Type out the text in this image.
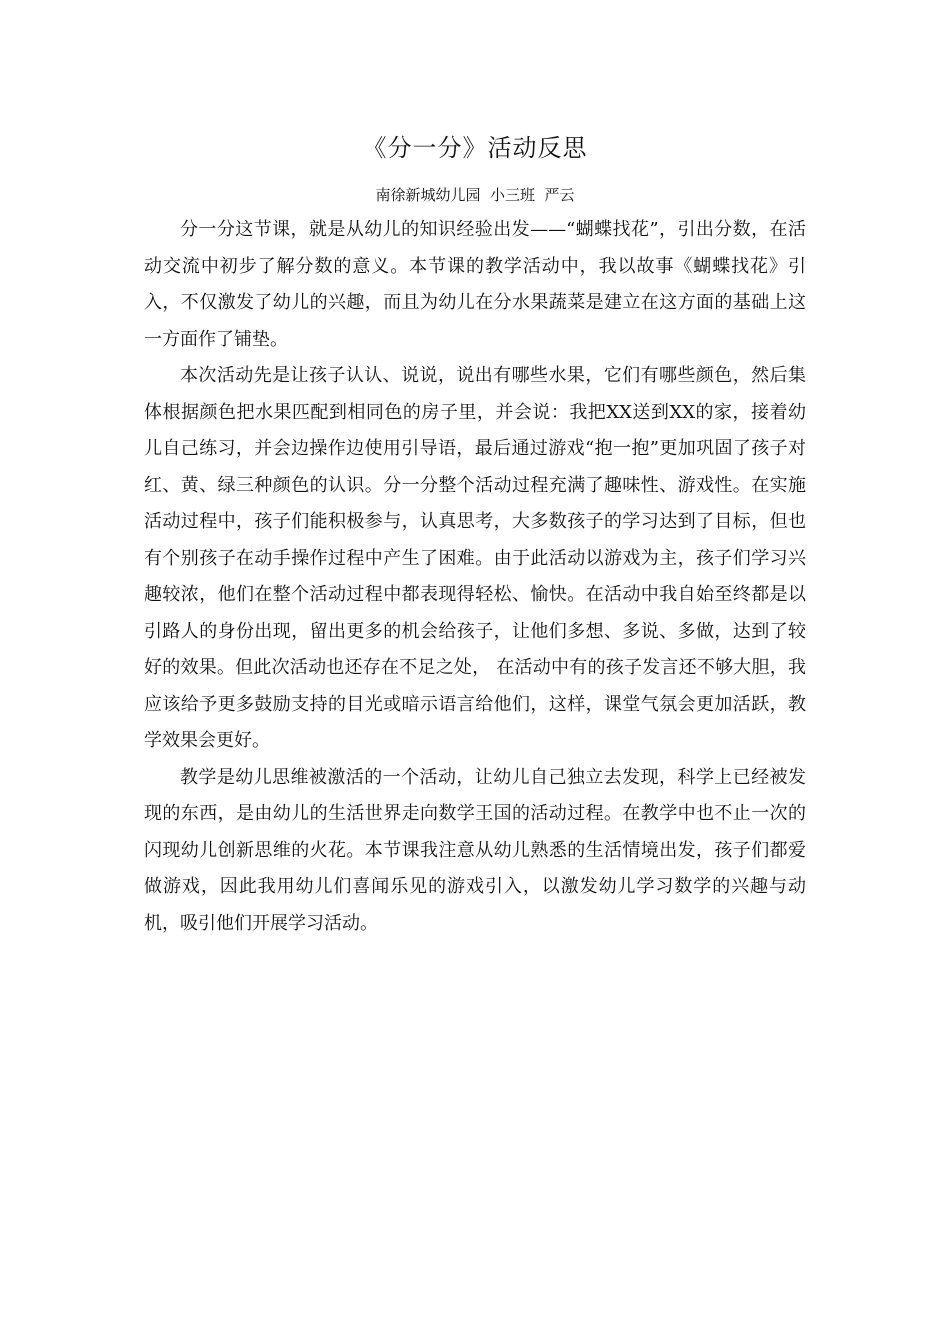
《分一分》活动反思
南徐新城幼儿园  小三班  严云

分一分这节课，就是从幼儿的知识经验出发——“蝴蝶找花”，引出分数，在活动交流中初步了解分数的意义。本节课的教学活动中，我以故事《蝴蝶找花》引入，不仅激发了幼儿的兴趣，而且为幼儿在分水果蔬菜是建立在这方面的基础上这一方面作了铺垫。

本次活动先是让孩子认认、说说，说出有哪些水果，它们有哪些颜色，然后集体根据颜色把水果匹配到相同色的房子里，并会说：我把XX送到XX的家，接着幼儿自己练习，并会边操作边使用引导语，最后通过游戏“抱一抱”更加巩固了孩子对红、黄、绿三种颜色的认识。分一分整个活动过程充满了趣味性、游戏性。在实施活动过程中，孩子们能积极参与，认真思考，大多数孩子的学习达到了目标，但也有个别孩子在动手操作过程中产生了困难。由于此活动以游戏为主，孩子们学习兴趣较浓，他们在整个活动过程中都表现得轻松、愉快。在活动中我自始至终都是以引路人的身份出现，留出更多的机会给孩子，让他们多想、多说、多做，达到了较好的效果。但此次活动也还存在不足之处， 在活动中有的孩子发言还不够大胆，我应该给予更多鼓励支持的目光或暗示语言给他们，这样，课堂气氛会更加活跃，教学效果会更好。

教学是幼儿思维被激活的一个活动，让幼儿自己独立去发现，科学上已经被发现的东西，是由幼儿的生活世界走向数学王国的活动过程。在教学中也不止一次的闪现幼儿创新思维的火花。本节课我注意从幼儿熟悉的生活情境出发，孩子们都爱做游戏，因此我用幼儿们喜闻乐见的游戏引入，以激发幼儿学习数学的兴趣与动机，吸引他们开展学习活动。
